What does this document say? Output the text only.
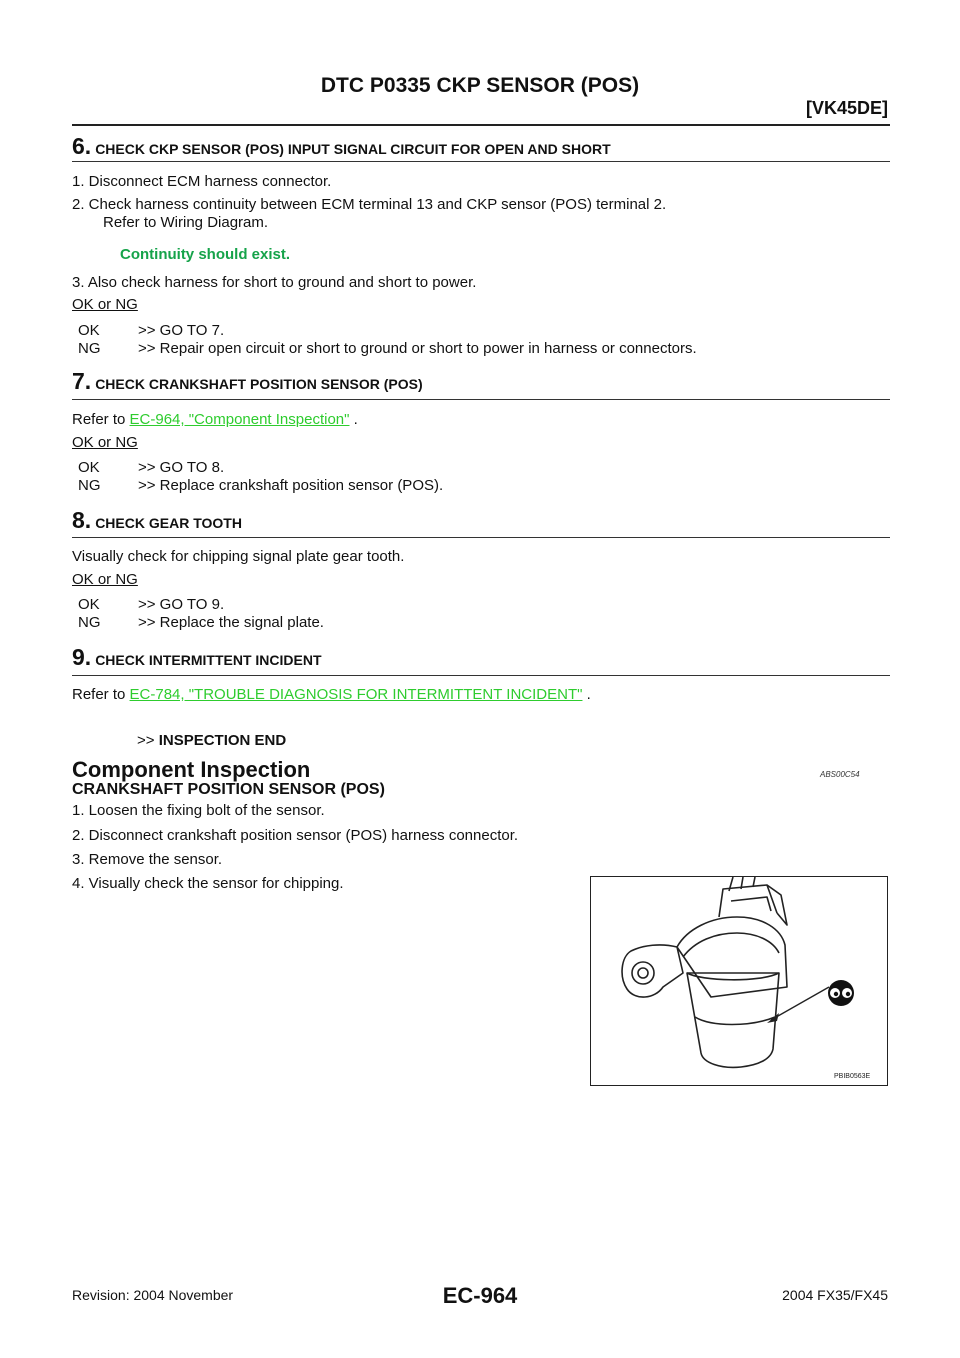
DTC P0335 CKP SENSOR (POS)
[VK45DE]
6. CHECK CKP SENSOR (POS) INPUT SIGNAL CIRCUIT FOR OPEN AND SHORT
1. Disconnect ECM harness connector.
2. Check harness continuity between ECM terminal 13 and CKP sensor (POS) terminal 2.
Refer to Wiring Diagram.
Continuity should exist.
3. Also check harness for short to ground and short to power.
OK or NG
OK	>> GO TO 7.
NG	>> Repair open circuit or short to ground or short to power in harness or connectors.
7. CHECK CRANKSHAFT POSITION SENSOR (POS)
Refer to EC-964, "Component Inspection" .
OK or NG
OK	>> GO TO 8.
NG	>> Replace crankshaft position sensor (POS).
8. CHECK GEAR TOOTH
Visually check for chipping signal plate gear tooth.
OK or NG
OK	>> GO TO 9.
NG	>> Replace the signal plate.
9. CHECK INTERMITTENT INCIDENT
Refer to EC-784, "TROUBLE DIAGNOSIS FOR INTERMITTENT INCIDENT" .
>> INSPECTION END
Component Inspection	ABS00C54
CRANKSHAFT POSITION SENSOR (POS)
1. Loosen the fixing bolt of the sensor.
2. Disconnect crankshaft position sensor (POS) harness connector.
3. Remove the sensor.
4. Visually check the sensor for chipping.
PBIB0563E
Revision: 2004 November	EC-964	2004 FX35/FX45
